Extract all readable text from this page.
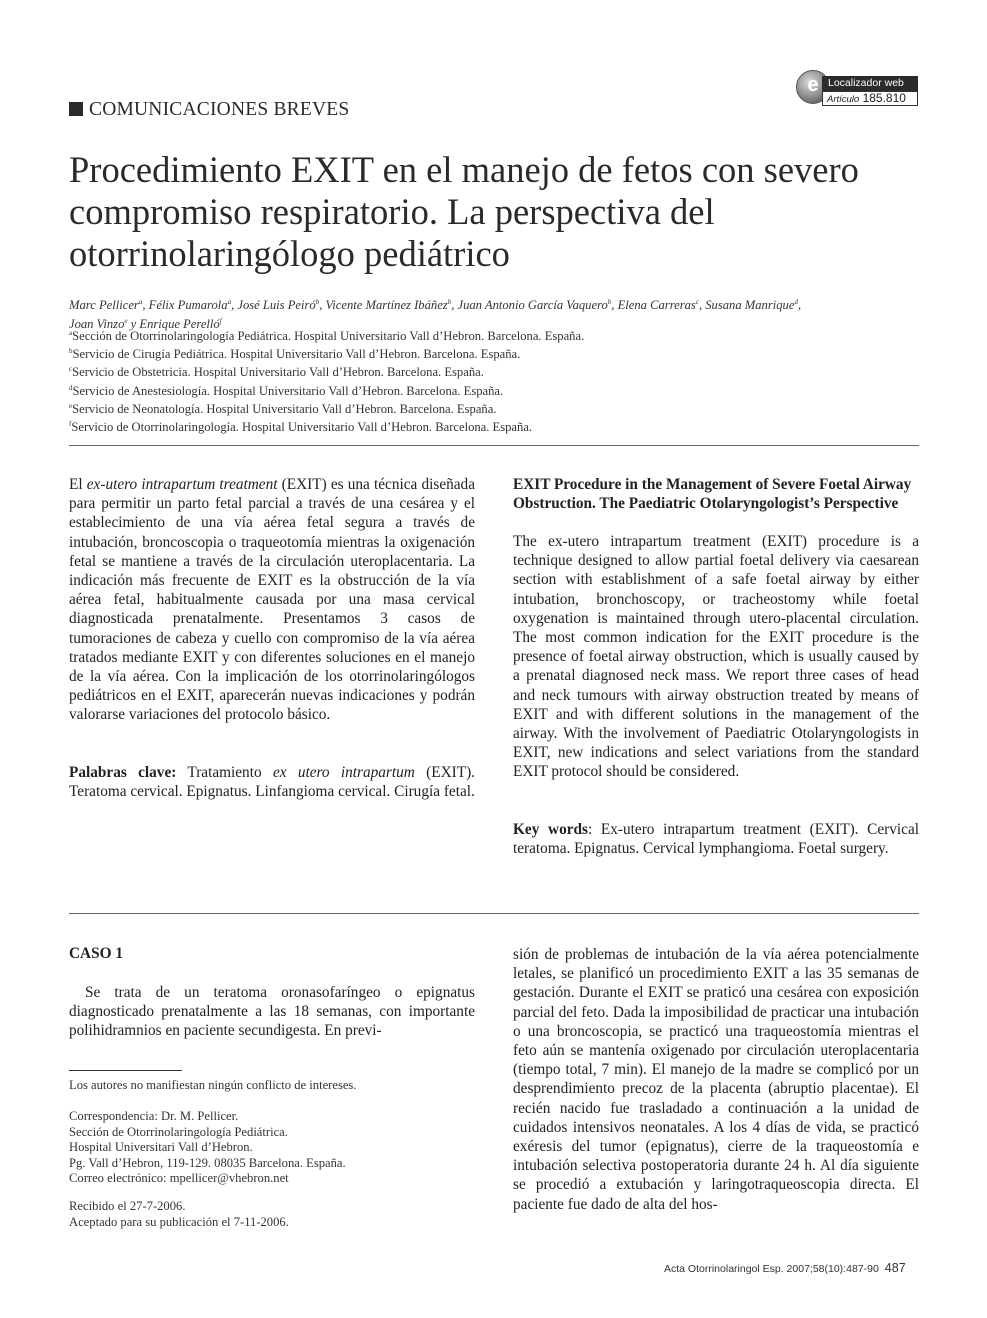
e Localizador web
Artículo 185.810
COMUNICACIONES BREVES
Procedimiento EXIT en el manejo de fetos con severo compromiso respiratorio. La perspectiva del otorrinolaringólogo pediátrico
Marc Pellicer$^a$, Félix Pumarola$^a$, José Luis Peiró$^b$, Vicente Martínez Ibáñez$^b$, Juan Antonio García Vaquero$^b$, Elena Carreras$^c$, Susana Manrique$^d$,
Joan Vinzo$^e$ y Enrique Perelló$^f$
$^a$Sección de Otorrinolaringología Pediátrica. Hospital Universitario Vall d’Hebron. Barcelona. España.
$^b$Servicio de Cirugía Pediátrica. Hospital Universitario Vall d’Hebron. Barcelona. España.
$^c$Servicio de Obstetricia. Hospital Universitario Vall d’Hebron. Barcelona. España.
$^d$Servicio de Anestesiología. Hospital Universitario Vall d’Hebron. Barcelona. España.
$^e$Servicio de Neonatología. Hospital Universitario Vall d’Hebron. Barcelona. España.
$^f$Servicio de Otorrinolaringología. Hospital Universitario Vall d’Hebron. Barcelona. España.

El ex-utero intrapartum treatment (EXIT) es una técnica diseñada para permitir un parto fetal parcial a través de una cesárea y el establecimiento de una vía aérea fetal segura a través de intubación, broncoscopia o traqueotomía mientras la oxigenación fetal se mantiene a través de la circulación uteroplacentaria. La indicación más frecuente de EXIT es la obstrucción de la vía aérea fetal, habitualmente causada por una masa cervical diagnosticada prenatalmente. Presentamos 3 casos de tumoraciones de cabeza y cuello con compromiso de la vía aérea tratados mediante EXIT y con diferentes soluciones en el manejo de la vía aérea. Con la implicación de los otorrinolaringólogos pediátricos en el EXIT, aparecerán nuevas indicaciones y podrán valorarse variaciones del protocolo básico.

Palabras clave: Tratamiento ex utero intrapartum (EXIT). Teratoma cervical. Epignatus. Linfangioma cervical. Cirugía fetal.

EXIT Procedure in the Management of Severe Foetal Airway Obstruction. The Paediatric Otolaryngologist’s Perspective

The ex-utero intrapartum treatment (EXIT) procedure is a technique designed to allow partial foetal delivery via caesarean section with establishment of a safe foetal airway by either intubation, bronchoscopy, or tracheostomy while foetal oxygenation is maintained through utero-placental circulation. The most common indication for the EXIT procedure is the presence of foetal airway obstruction, which is usually caused by a prenatal diagnosed neck mass. We report three cases of head and neck tumours with airway obstruction treated by means of EXIT and with different solutions in the management of the airway. With the involvement of Paediatric Otolaryngologists in EXIT, new indications and select variations from the standard EXIT protocol should be considered.

Key words: Ex-utero intrapartum treatment (EXIT). Cervical teratoma. Epignatus. Cervical lymphangioma. Foetal surgery.

CASO 1
Se trata de un teratoma oronasofaríngeo o epignatus diagnosticado prenatalmente a las 18 semanas, con importante polihidramnios en paciente secundigesta. En previ-
sión de problemas de intubación de la vía aérea potencialmente letales, se planificó un procedimiento EXIT a las 35 semanas de gestación. Durante el EXIT se praticó una cesárea con exposición parcial del feto. Dada la imposibilidad de practicar una intubación o una broncoscopia, se practicó una traqueostomía mientras el feto aún se mantenía oxigenado por circulación uteroplacentaria (tiempo total, 7 min). El manejo de la madre se complicó por un desprendimiento precoz de la placenta (abruptio placentae). El recién nacido fue trasladado a continuación a la unidad de cuidados intensivos neonatales. A los 4 días de vida, se practicó exéresis del tumor (epignatus), cierre de la traqueostomía e intubación selectiva postoperatoria durante 24 h. Al día siguiente se procedió a extubación y laringotraqueoscopia directa. El paciente fue dado de alta del hos-
Los autores no manifiestan ningún conflicto de intereses.
Correspondencia: Dr. M. Pellicer.
Sección de Otorrinolaringología Pediátrica.
Hospital Universitari Vall d’Hebron.
Pg. Vall d’Hebron, 119-129. 08035 Barcelona. España.
Correo electrónico: mpellicer@vhebron.net
Recibido el 27-7-2006.
Aceptado para su publicación el 7-11-2006.
Acta Otorrinolaringol Esp. 2007;58(10):487-90 487
